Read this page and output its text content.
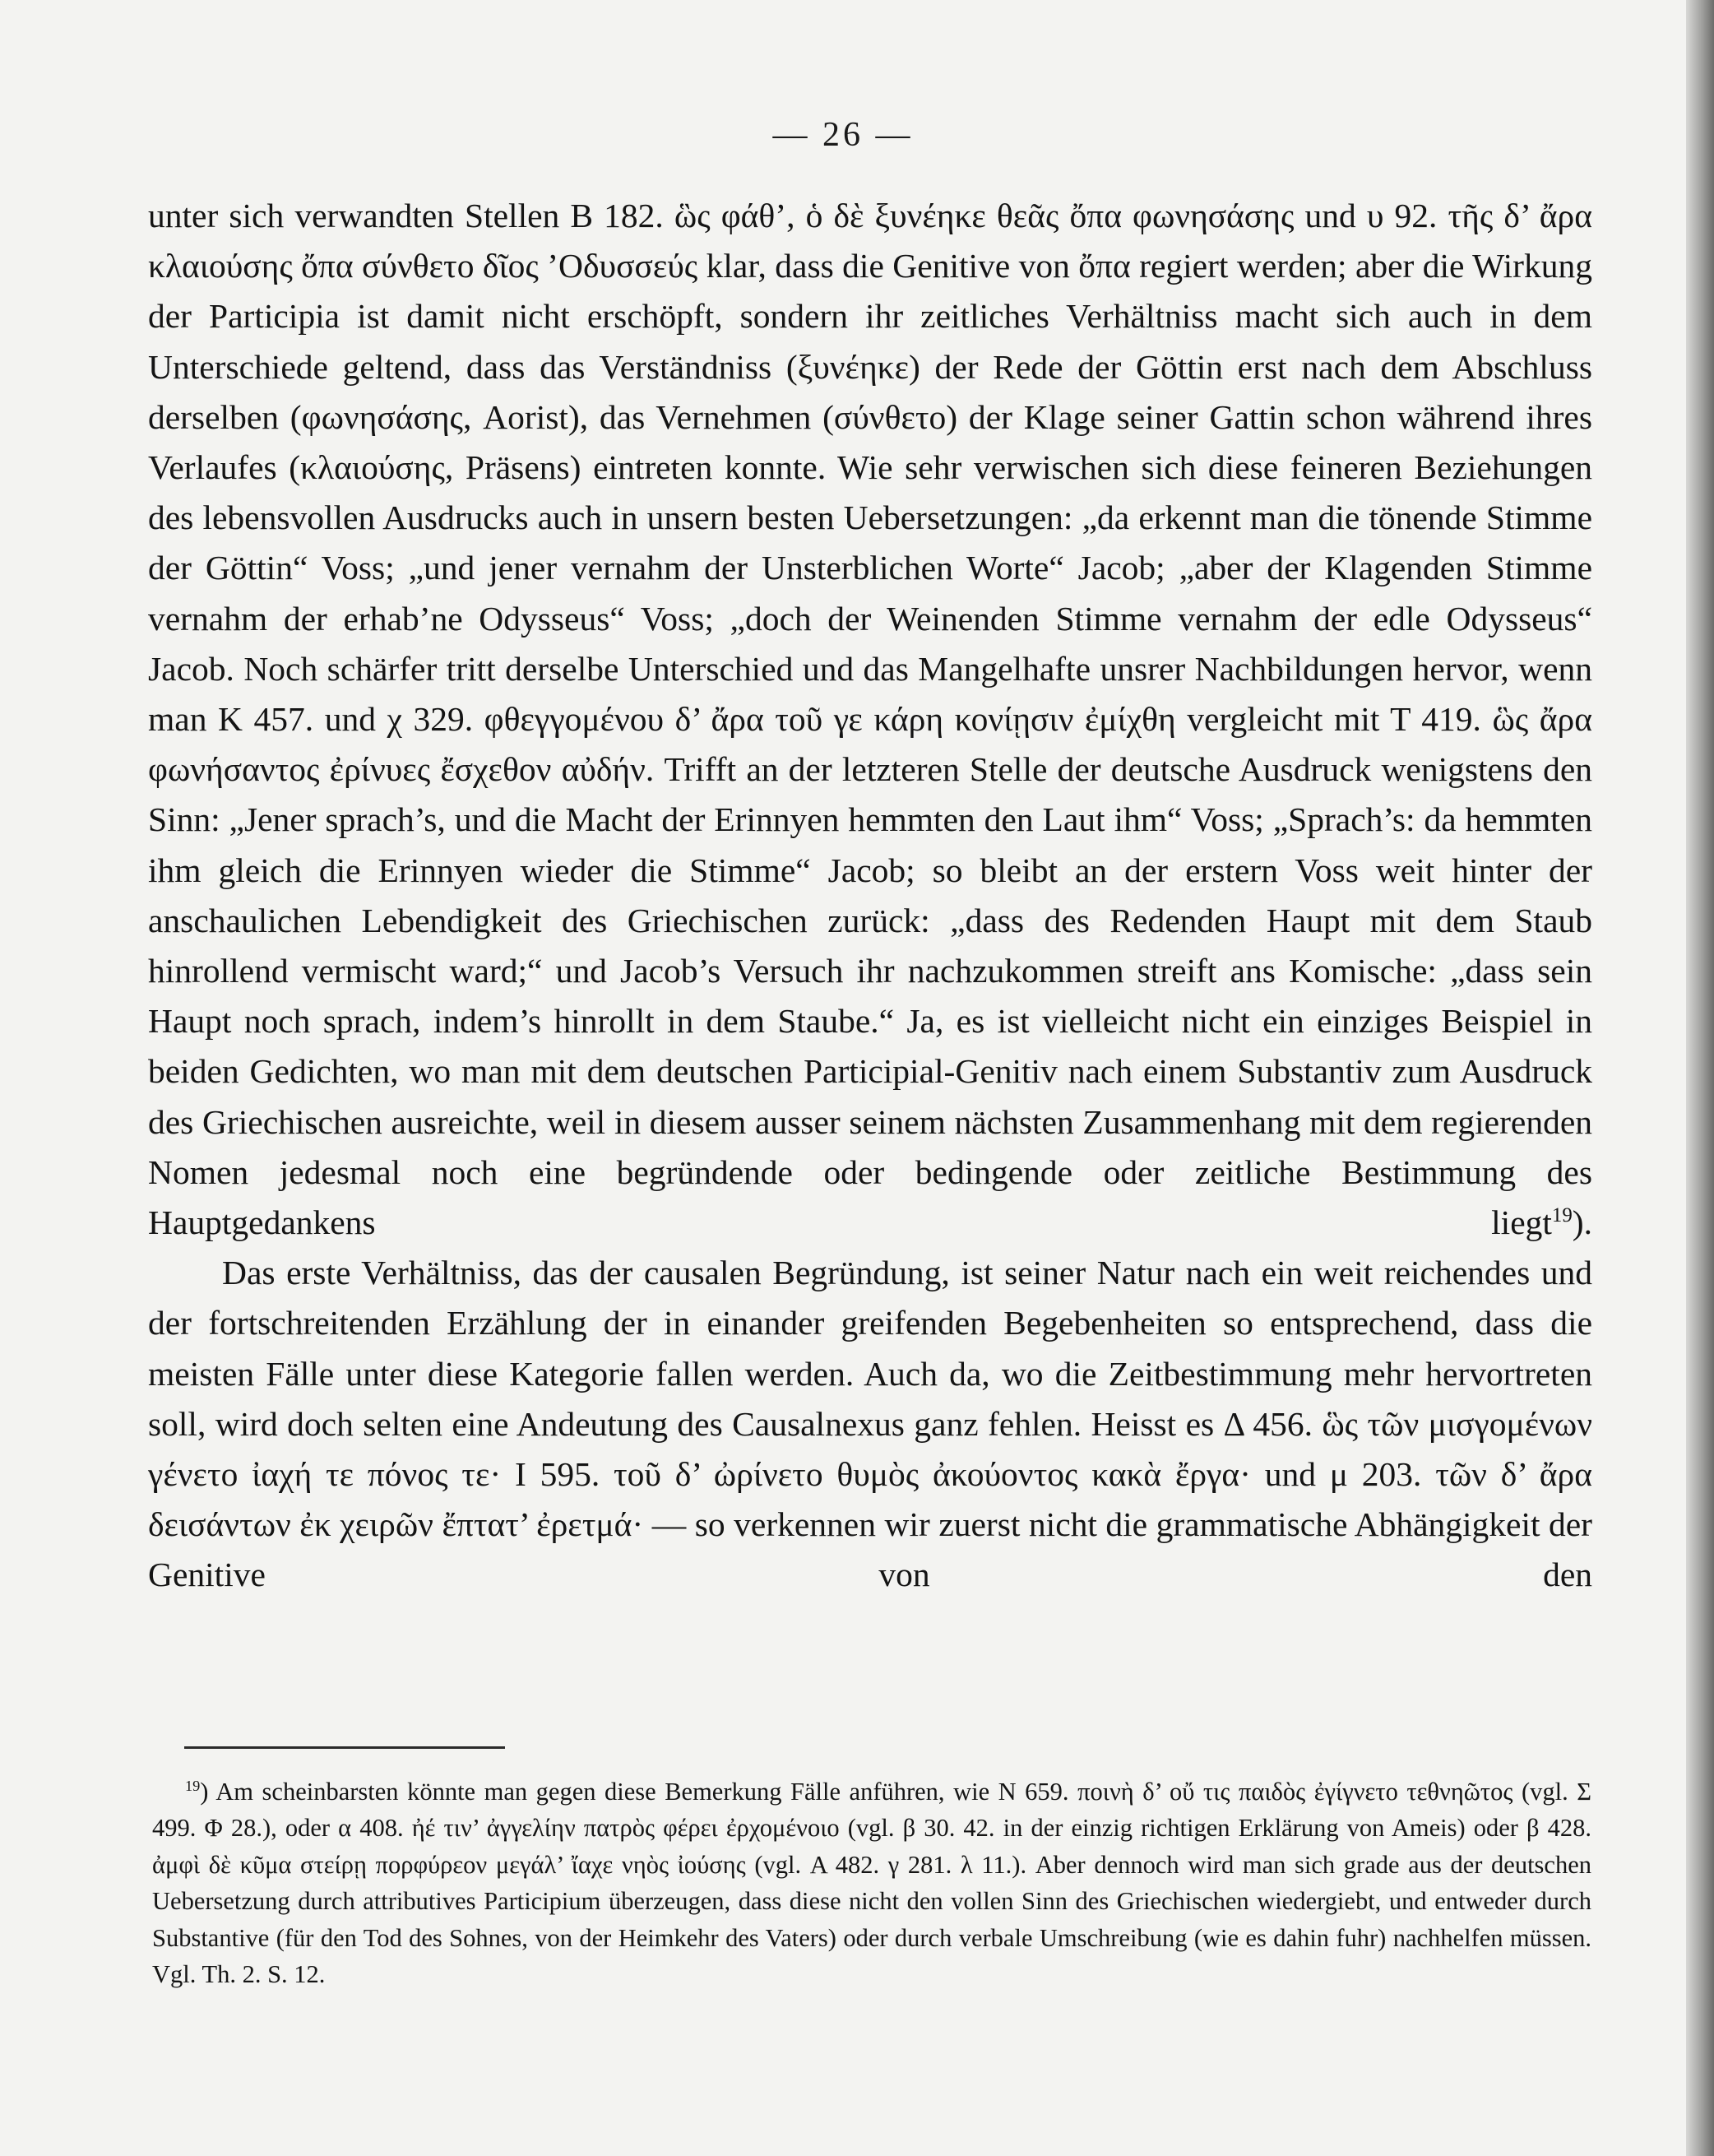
— 26 —

unter sich verwandten Stellen B 182. ὣς φάθ’, ὁ δὲ ξυνέηκε θεᾶς ὄπα φωνησάσης und υ 92. τῆς δ’ ἄρα κλαιούσης ὄπα σύνθετο δῖος ’Οδυσσεύς klar, dass die Genitive von ὄπα regiert werden; aber die Wirkung der Participia ist damit nicht erschöpft, sondern ihr zeitliches Verhältniss macht sich auch in dem Unterschiede geltend, dass das Verständniss (ξυνέηκε) der Rede der Göttin erst nach dem Abschluss derselben (φωνησάσης, Aorist), das Vernehmen (σύνθετο) der Klage seiner Gattin schon während ihres Verlaufes (κλαιούσης, Präsens) eintreten konnte. Wie sehr verwischen sich diese feineren Beziehungen des lebensvollen Ausdrucks auch in unsern besten Uebersetzungen: „da erkennt man die tönende Stimme der Göttin“ Voss; „und jener vernahm der Unsterblichen Worte“ Jacob; „aber der Klagenden Stimme vernahm der erhab’ne Odysseus“ Voss; „doch der Weinenden Stimme vernahm der edle Odysseus“ Jacob. Noch schärfer tritt derselbe Unterschied und das Mangelhafte unsrer Nachbildungen hervor, wenn man K 457. und χ 329. φθεγγομένου δ’ ἄρα τοῦ γε κάρη κονίῃσιν ἐμίχθη vergleicht mit T 419. ὣς ἄρα φωνήσαντος ἐρίνυες ἔσχεθον αὐδήν. Trifft an der letzteren Stelle der deutsche Ausdruck wenigstens den Sinn: „Jener sprach’s, und die Macht der Erinnyen hemmten den Laut ihm“ Voss; „Sprach’s: da hemmten ihm gleich die Erinnyen wieder die Stimme“ Jacob; so bleibt an der erstern Voss weit hinter der anschaulichen Lebendigkeit des Griechischen zurück: „dass des Redenden Haupt mit dem Staub hinrollend vermischt ward;“ und Jacob’s Versuch ihr nachzukommen streift ans Komische: „dass sein Haupt noch sprach, indem’s hinrollt in dem Staube.“ Ja, es ist vielleicht nicht ein einziges Beispiel in beiden Gedichten, wo man mit dem deutschen Participial-Genitiv nach einem Substantiv zum Ausdruck des Griechischen ausreichte, weil in diesem ausser seinem nächsten Zusammenhang mit dem regierenden Nomen jedesmal noch eine begründende oder bedingende oder zeitliche Bestimmung des Hauptgedankens liegt$^{19}$).

Das erste Verhältniss, das der causalen Begründung, ist seiner Natur nach ein weit reichendes und der fortschreitenden Erzählung der in einander greifenden Begebenheiten so entsprechend, dass die meisten Fälle unter diese Kategorie fallen werden. Auch da, wo die Zeitbestimmung mehr hervortreten soll, wird doch selten eine Andeutung des Causalnexus ganz fehlen. Heisst es Δ 456. ὣς τῶν μισγομένων γένετο ἰαχή τε πόνος τε· Ι 595. τοῦ δ’ ὠρίνετο θυμὸς ἀκούοντος κακὰ ἔργα· und μ 203. τῶν δ’ ἄρα δεισάντων ἐκ χειρῶν ἔπτατ’ ἐρετμά· — so verkennen wir zuerst nicht die grammatische Abhängigkeit der Genitive von den

$^{19}$) Am scheinbarsten könnte man gegen diese Bemerkung Fälle anführen, wie N 659. ποινὴ δ’ οὔ τις παιδὸς ἐγίγνετο τεθνηῶτος (vgl. Σ 499. Φ 28.), oder α 408. ἠέ τιν’ ἀγγελίην πατρὸς φέρει ἐρχομένοιο (vgl. β 30. 42. in der einzig richtigen Erklärung von Ameis) oder β 428. ἀμφὶ δὲ κῦμα στείρῃ πορφύρεον μεγάλ’ ἴαχε νηὸς ἰούσης (vgl. Α 482. γ 281. λ 11.). Aber dennoch wird man sich grade aus der deutschen Uebersetzung durch attributives Participium überzeugen, dass diese nicht den vollen Sinn des Griechischen wiedergiebt, und entweder durch Substantive (für den Tod des Sohnes, von der Heimkehr des Vaters) oder durch verbale Umschreibung (wie es dahin fuhr) nachhelfen müssen. Vgl. Th. 2. S. 12.
